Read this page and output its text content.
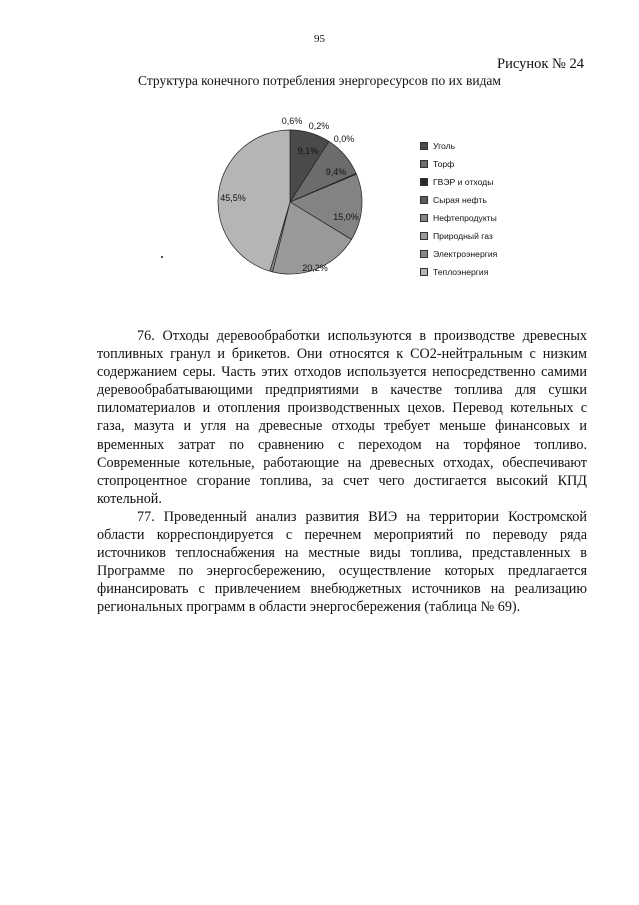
95
Рисунок № 24
Структура конечного потребления энергоресурсов по их видам
9,1%
9,4%
0,0%
0,2%
15,0%
20,2%
0,6%
45,5%
Уголь
Торф
ГВЭР и отходы
Сырая нефть
Нефтепродукты
Природный газ
Электроэнергия
Теплоэнергия

76. Отходы деревообработки используются в производстве древесных топливных гранул и брикетов. Они относятся к СО2-нейтральным с низким содержанием серы. Часть этих отходов используется непосредственно самими деревообрабатывающими предприятиями в качестве топлива для сушки пиломатериалов и отопления производственных цехов. Перевод котельных с газа, мазута и угля на древесные отходы требует меньше финансовых и временных затрат по сравнению с переходом на торфяное топливо. Современные котельные, работающие на древесных отходах, обеспечивают стопроцентное сгорание топлива, за счет чего достигается высокий КПД котельной.

77. Проведенный анализ развития ВИЭ на территории Костромской области корреспондируется с перечнем мероприятий по переводу ряда источников теплоснабжения на местные виды топлива, представленных в Программе по энергосбережению, осуществление которых предлагается финансировать с привлечением внебюджетных источников на реализацию региональных программ в области энергосбережения (таблица № 69).
